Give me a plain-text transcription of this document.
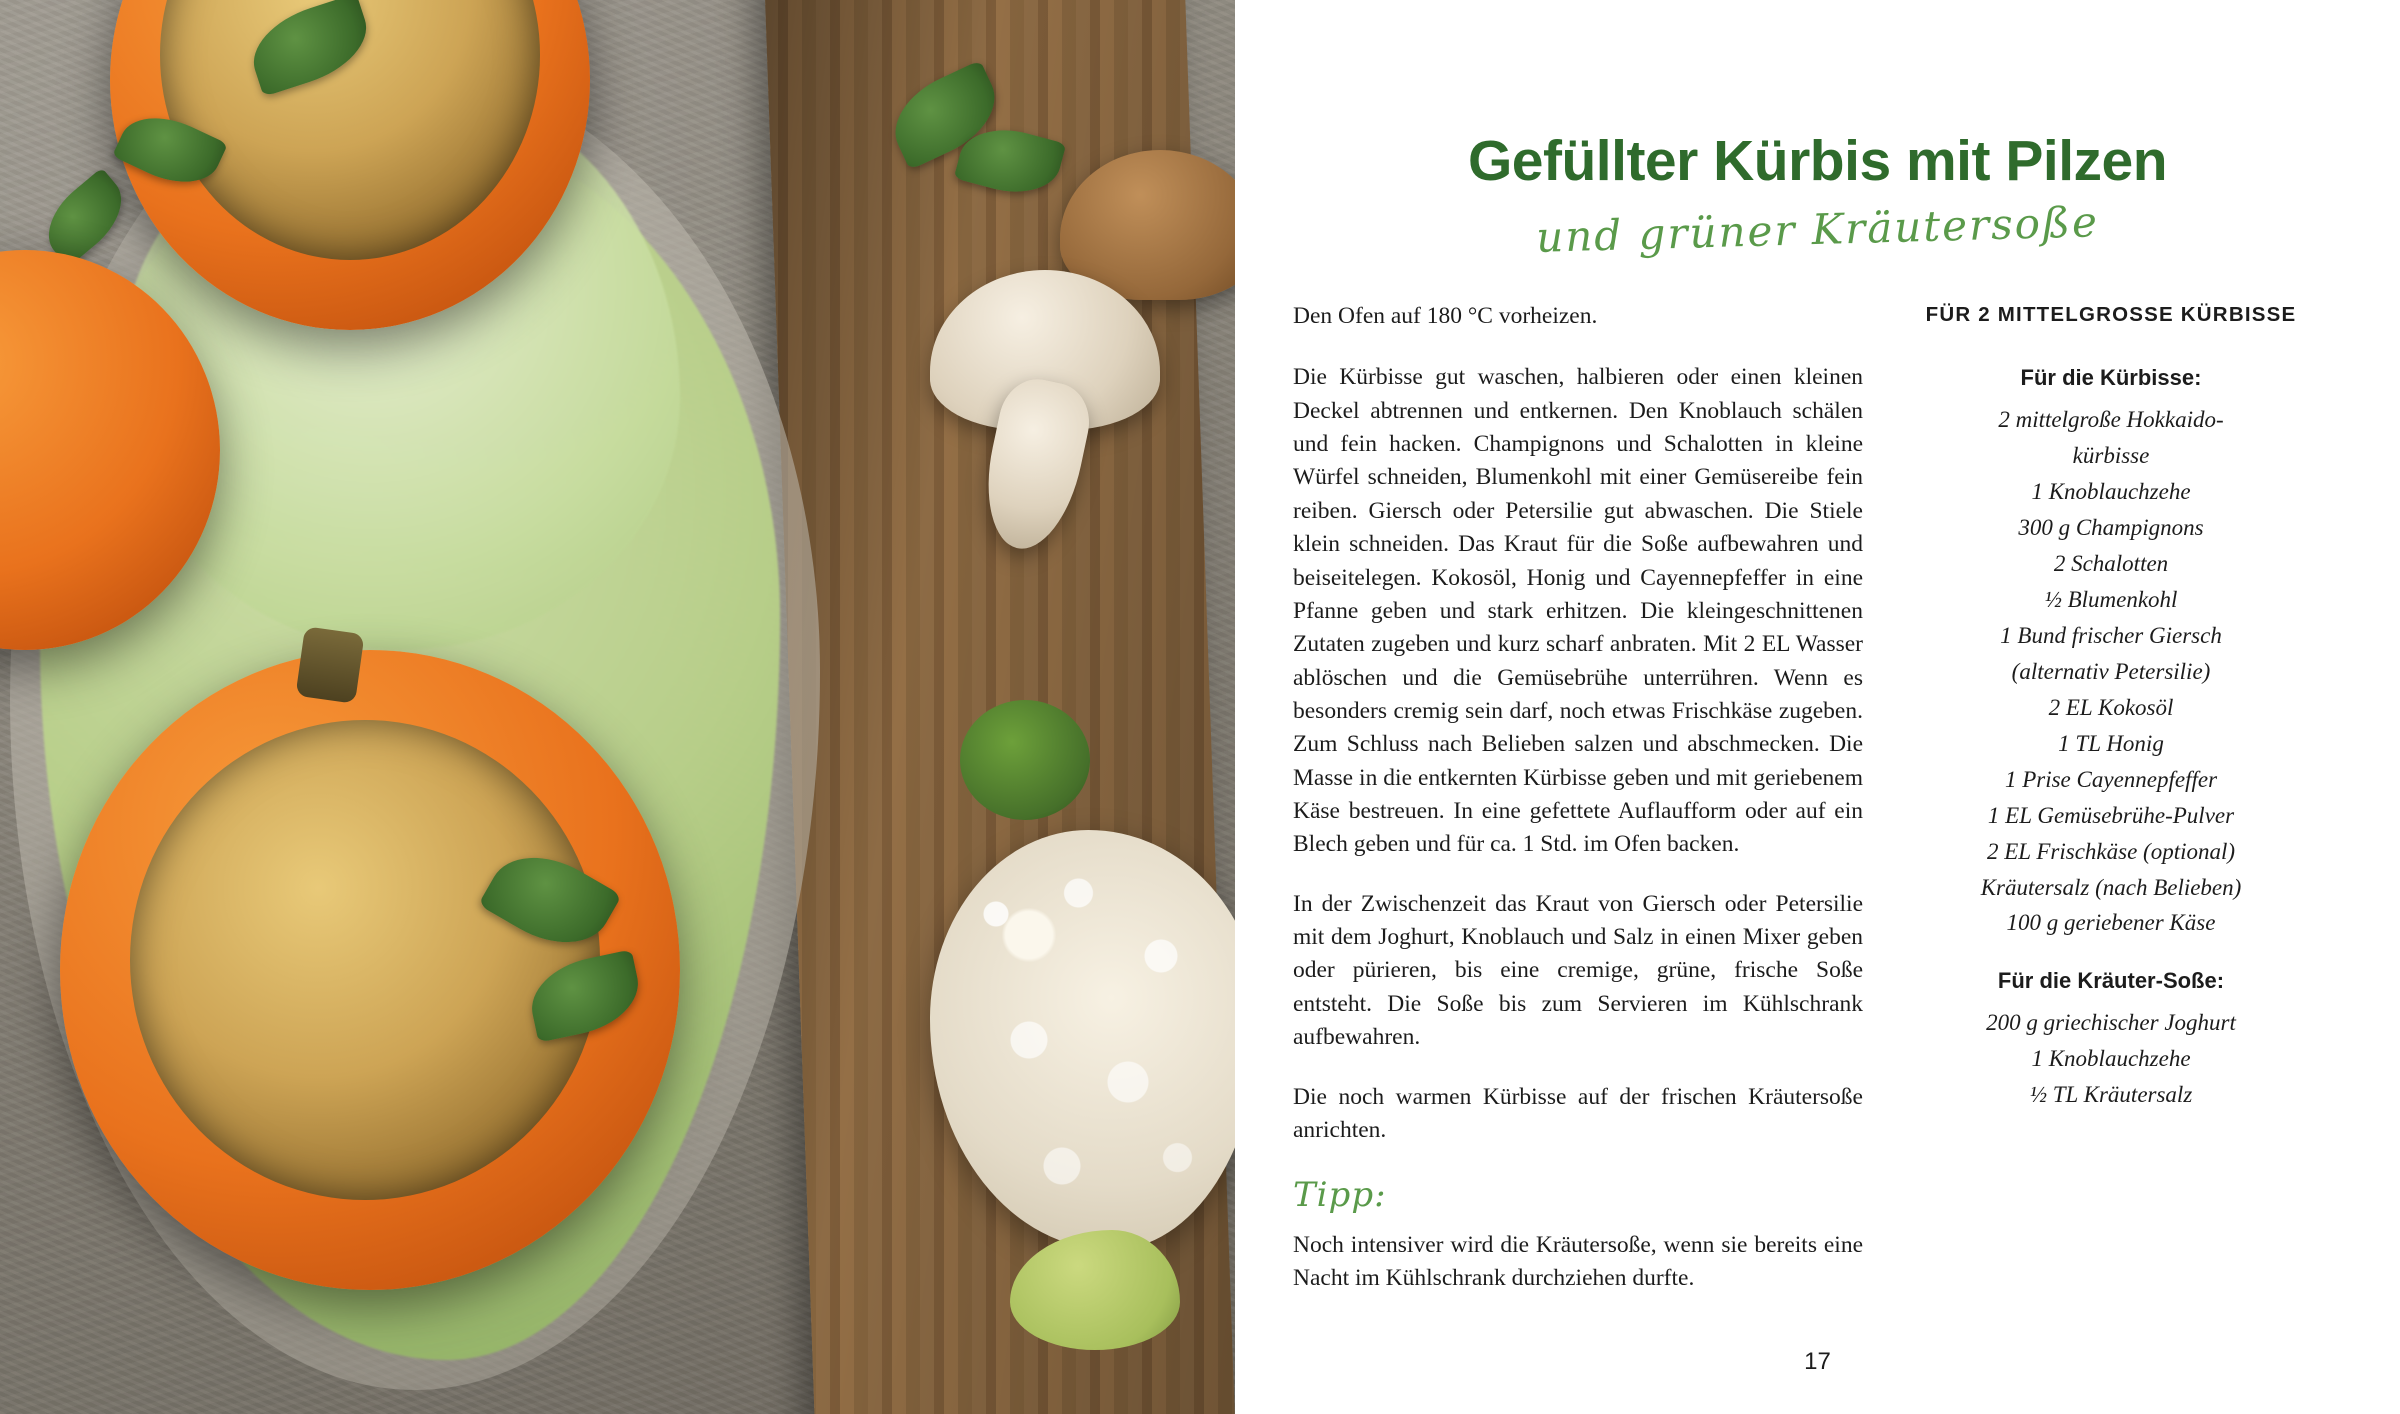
Gefüllter Kürbis mit Pilzen
und grüner Kräutersoße

Den Ofen auf 180 °C vorheizen.

Die Kürbisse gut waschen, halbieren oder einen kleinen Deckel abtrennen und entkernen. Den Knoblauch schälen und fein hacken. Champignons und Schalotten in kleine Würfel schneiden, Blumenkohl mit einer Gemüsereibe fein reiben. Giersch oder Petersilie gut abwaschen. Die Stiele klein schneiden. Das Kraut für die Soße aufbewahren und beiseitelegen. Kokosöl, Honig und Cayennepfeffer in eine Pfanne geben und stark erhitzen. Die kleingeschnittenen Zutaten zugeben und kurz scharf anbraten. Mit 2 EL Wasser ablöschen und die Gemüsebrühe unterrühren. Wenn es besonders cremig sein darf, noch etwas Frischkäse zugeben. Zum Schluss nach Belieben salzen und abschmecken. Die Masse in die entkernten Kürbisse geben und mit geriebenem Käse bestreuen. In eine gefettete Auflaufform oder auf ein Blech geben und für ca. 1 Std. im Ofen backen.

In der Zwischenzeit das Kraut von Giersch oder Petersilie mit dem Joghurt, Knoblauch und Salz in einen Mixer geben oder pürieren, bis eine cremige, grüne, frische Soße entsteht. Die Soße bis zum Servieren im Kühlschrank aufbewahren.

Die noch warmen Kürbisse auf der frischen Kräutersoße anrichten.

FÜR 2 MITTELGROSSE KÜRBISSE
Für die Kürbisse:
2 mittelgroße Hokkaido-
kürbisse
1 Knoblauchzehe
300 g Champignons
2 Schalotten
½ Blumenkohl
1 Bund frischer Giersch
(alternativ Petersilie)
2 EL Kokosöl
1 TL Honig
1 Prise Cayennepfeffer
1 EL Gemüsebrühe-Pulver
2 EL Frischkäse (optional)
Kräutersalz (nach Belieben)
100 g geriebener Käse
Für die Kräuter-Soße:
200 g griechischer Joghurt
1 Knoblauchzehe
½ TL Kräutersalz
Tipp:
Noch intensiver wird die Kräutersoße, wenn sie bereits eine Nacht im Kühlschrank durchziehen durfte.
17
